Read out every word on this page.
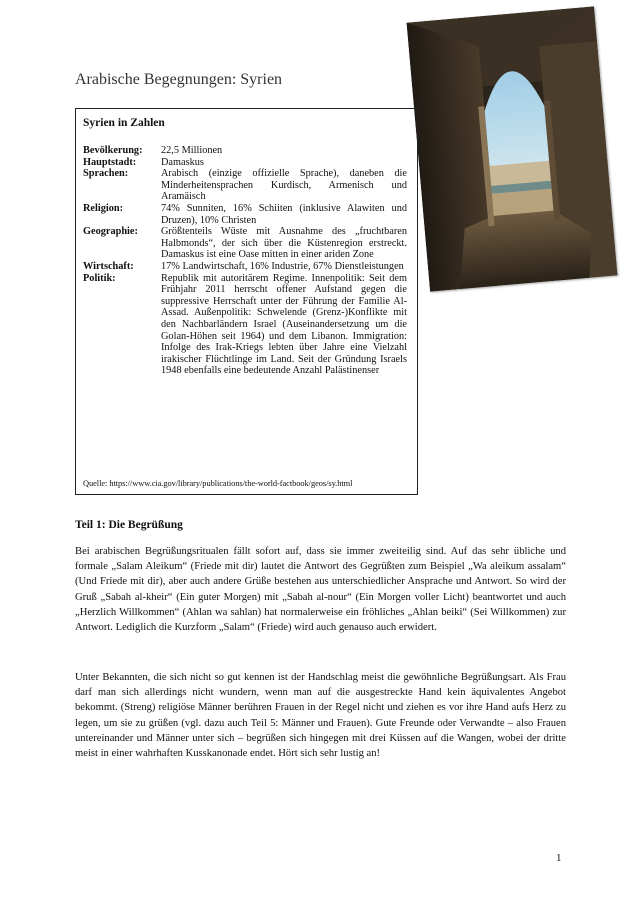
Arabische Begegnungen: Syrien
Syrien in Zahlen
Bevölkerung:	22,5 Millionen
Hauptstadt:	Damaskus
Sprachen:	Arabisch (einzige offizielle Sprache), daneben die Minderheitensprachen Kurdisch, Armenisch und Aramäisch
Religion:	74% Sunniten, 16% Schiiten (inklusive Alawiten und Druzen), 10% Christen
Geographie:	Größtenteils Wüste mit Ausnahme des „fruchtbaren Halbmonds“, der sich über die Küstenregion erstreckt. Damaskus ist eine Oase mitten in einer ariden Zone
Wirtschaft:	17% Landwirtschaft, 16% Industrie, 67% Dienstleistungen
Politik:	Republik mit autoritärem Regime. Innenpolitik: Seit dem Frühjahr 2011 herrscht offener Aufstand gegen die suppressive Herrschaft unter der Führung der Familie Al-Assad. Außenpolitik: Schwelende (Grenz-)Konflikte mit den Nachbarländern Israel (Auseinandersetzung um die Golan-Höhen seit 1964) und dem Libanon. Immigration: Infolge des Irak-Kriegs lebten über Jahre eine Vielzahl irakischer Flüchtlinge im Land. Seit der Gründung Israels 1948 ebenfalls eine bedeutende Anzahl Palästinenser
Quelle: https://www.cia.gov/library/publications/the-world-factbook/geos/sy.html
Teil 1: Die Begrüßung

Bei arabischen Begrüßungsritualen fällt sofort auf, dass sie immer zweiteilig sind. Auf das sehr übliche und formale „Salam Aleikum“ (Friede mit dir) lautet die Antwort des Gegrüßten zum Beispiel „Wa aleikum assalam“ (Und Friede mit dir), aber auch andere Grüße bestehen aus unterschiedlicher Ansprache und Antwort. So wird der Gruß „Sabah al-kheir“ (Ein guter Morgen) mit „Sabah al-nour“ (Ein Morgen voller Licht) beantwortet und auch „Herzlich Willkommen“ (Ahlan wa sahlan) hat normalerweise ein fröhliches „Ahlan beiki“ (Sei Willkommen) zur Antwort. Lediglich die Kurzform „Salam“ (Friede) wird auch genauso auch erwidert.

Unter Bekannten, die sich nicht so gut kennen ist der Handschlag meist die gewöhnliche Begrüßungsart. Als Frau darf man sich allerdings nicht wundern, wenn man auf die ausgestreckte Hand kein äquivalentes Angebot bekommt. (Streng) religiöse Männer berühren Frauen in der Regel nicht und ziehen es vor ihre Hand aufs Herz zu legen, um sie zu grüßen (vgl. dazu auch Teil 5: Männer und Frauen). Gute Freunde oder Verwandte – also Frauen untereinander und Männer unter sich – begrüßen sich hingegen mit drei Küssen auf die Wangen, wobei der dritte meist in einer wahrhaften Kusskanonade endet. Hört sich sehr lustig an!

1
